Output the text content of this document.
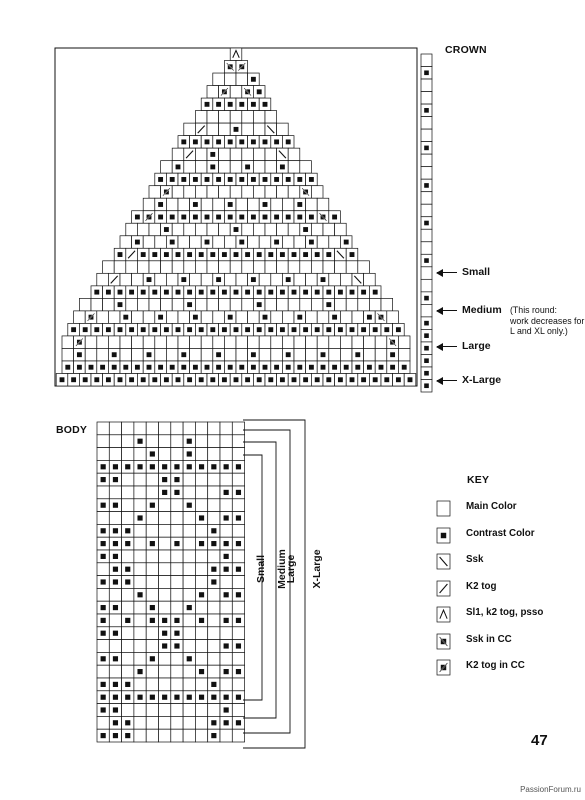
CROWN
Small
Medium (This round:
work decreases for
L and XL only.)
Large
X-Large
BODY
Small Medium
Large X-Large
KEY
Main Color
Contrast Color
Ssk
K2 tog
Sl1, k2 tog, psso
Ssk in CC
K2 tog in CC
47
PassionForum.ru
